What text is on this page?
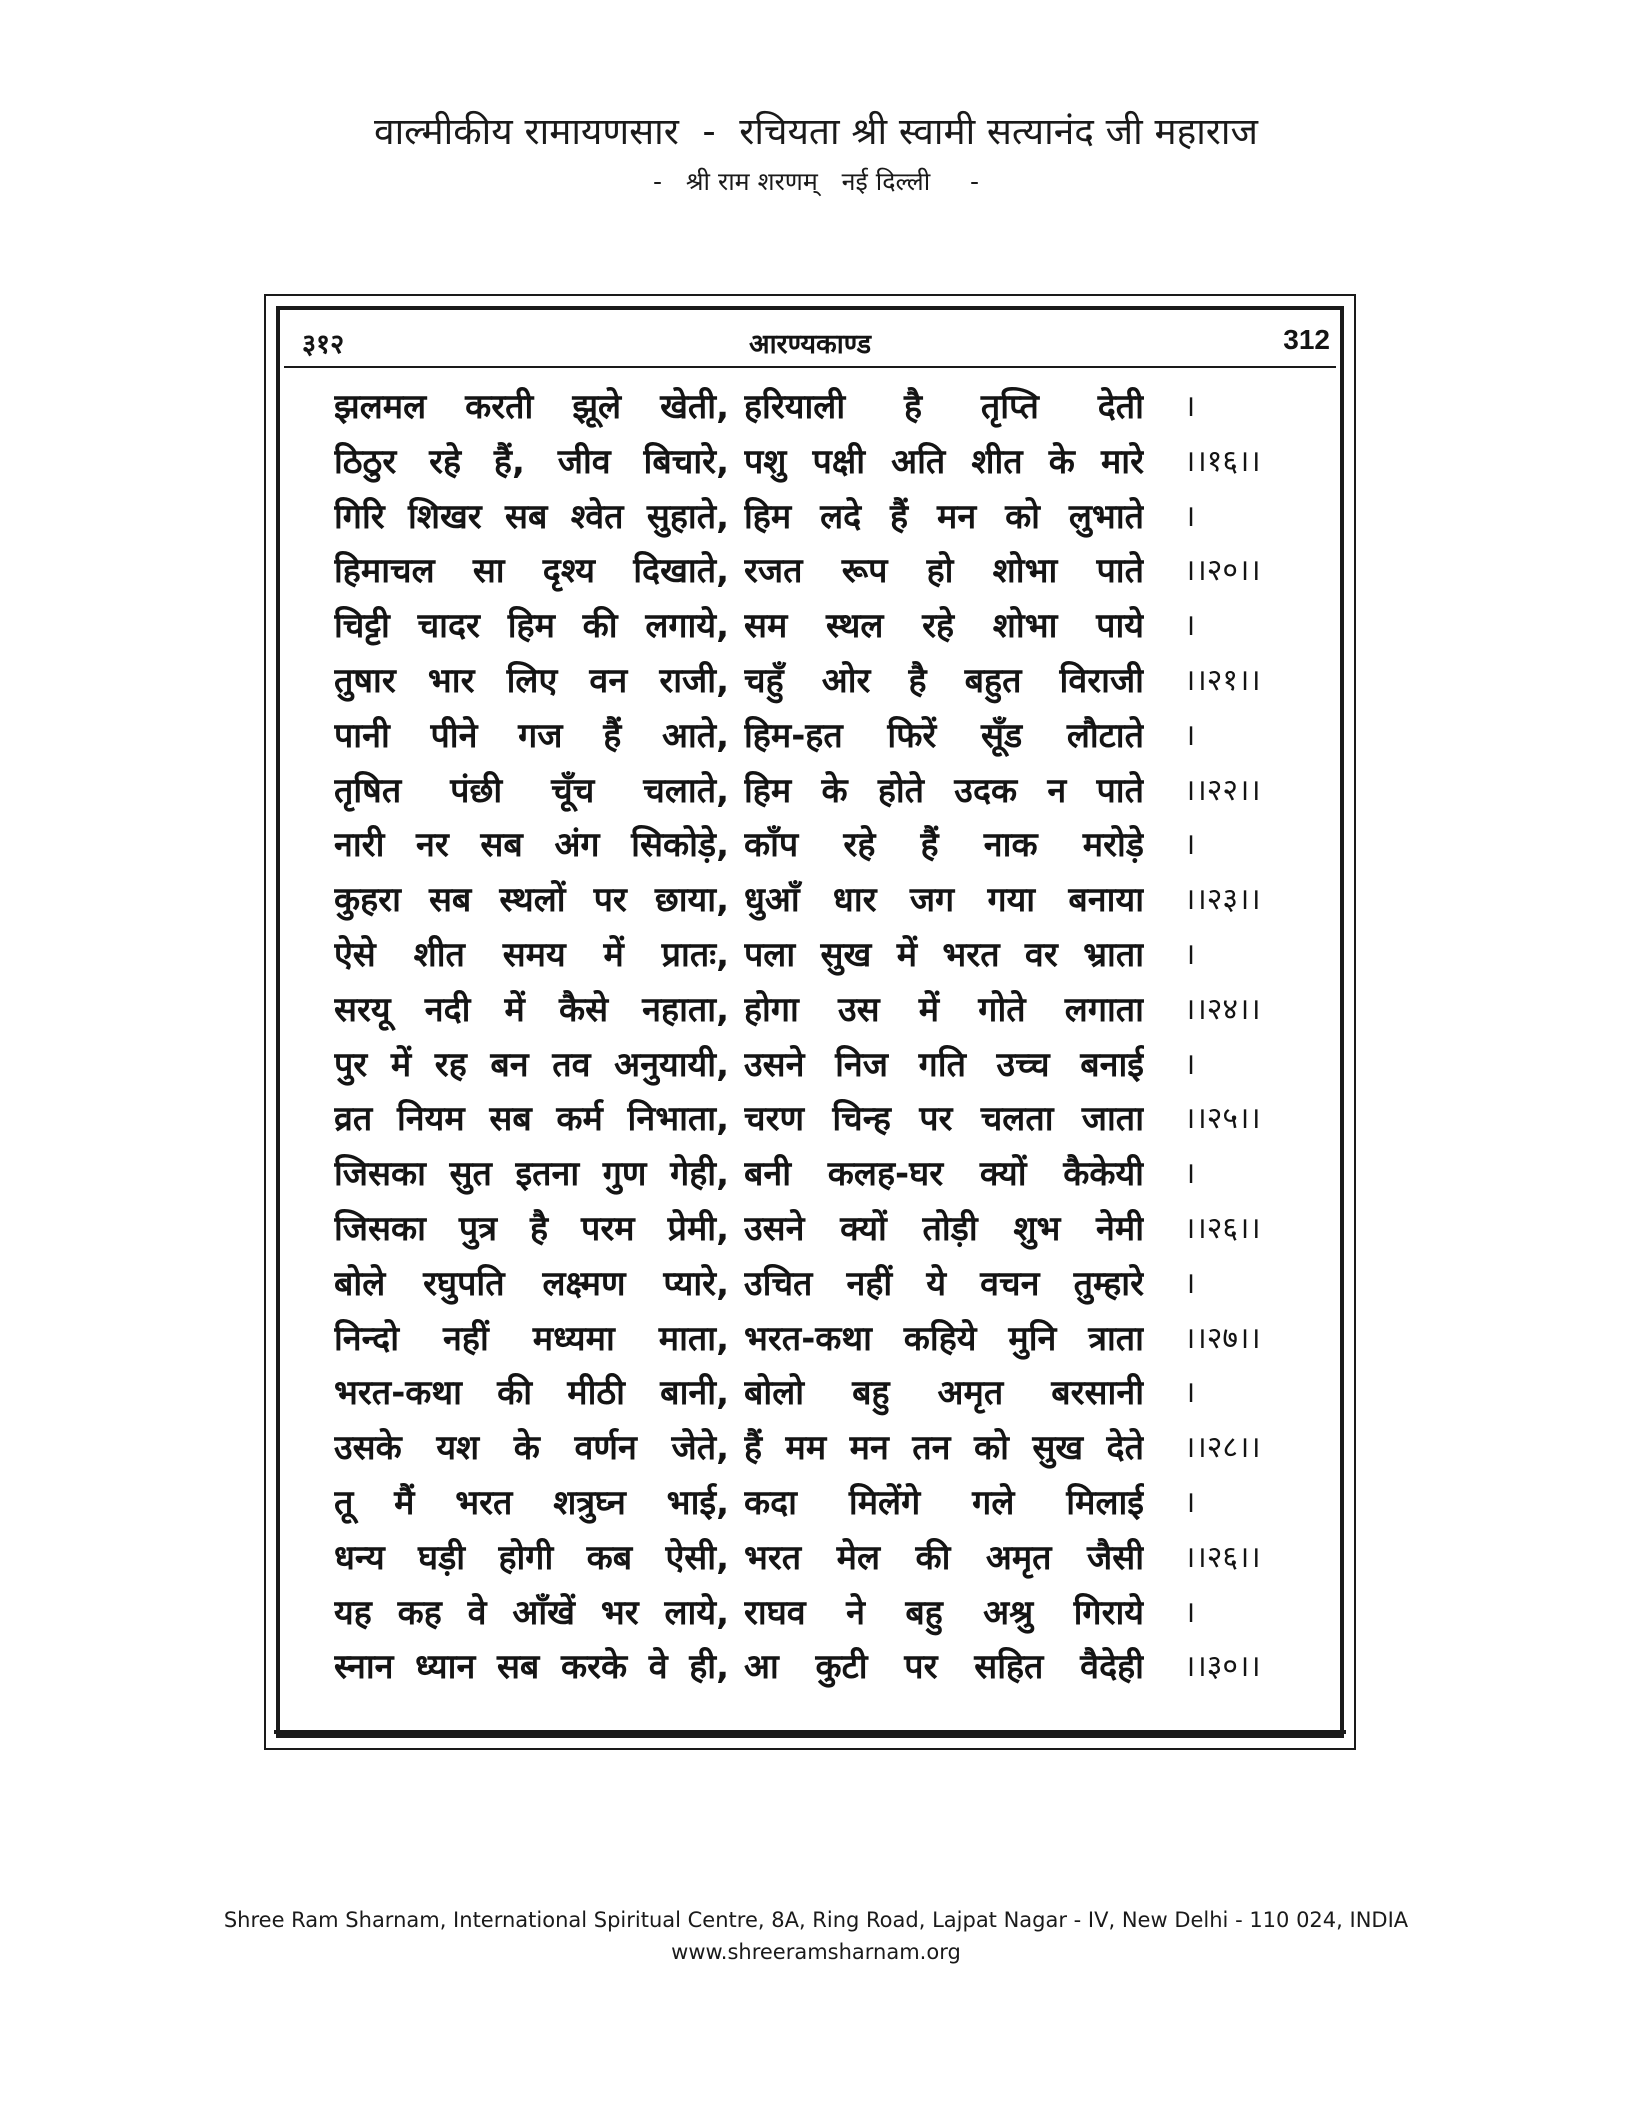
वाल्मीकीय रामायणसार  -  रचियता श्री स्वामी सत्यानंद जी महाराज
-   श्री राम शरणम्   नई दिल्ली     -
३१२	आरण्यकाण्ड	312
झलमल करती झूले खेती, हरियाली है तृप्ति देती ।
ठिठुर रहे हैं, जीव बिचारे, पशु पक्षी अति शीत के मारे ।।१६।।
गिरि शिखर सब श्वेत सुहाते, हिम लदे हैं मन को लुभाते ।
हिमाचल सा दृश्य दिखाते, रजत रूप हो शोभा पाते ।।२०।।
चिट्टी चादर हिम की लगाये, सम स्थल रहे शोभा पाये ।
तुषार भार लिए वन राजी, चहुँ ओर है बहुत विराजी ।।२१।।
पानी पीने गज हैं आते, हिम-हत फिरें सूँड लौटाते ।
तृषित पंछी चूँच चलाते, हिम के होते उदक न पाते ।।२२।।
नारी नर सब अंग सिकोड़े, काँप रहे हैं नाक मरोड़े ।
कुहरा सब स्थलों पर छाया, धुआँ धार जग गया बनाया ।।२३।।
ऐसे शीत समय में प्रातः, पला सुख में भरत वर भ्राता ।
सरयू नदी में कैसे नहाता, होगा उस में गोते लगाता ।।२४।।
पुर में रह बन तव अनुयायी, उसने निज गति उच्च बनाई ।
व्रत नियम सब कर्म निभाता, चरण चिन्ह पर चलता जाता ।।२५।।
जिसका सुत इतना गुण गेही, बनी कलह-घर क्यों कैकेयी ।
जिसका पुत्र है परम प्रेमी, उसने क्यों तोड़ी शुभ नेमी ।।२६।।
बोले रघुपति लक्ष्मण प्यारे, उचित नहीं ये वचन तुम्हारे ।
निन्दो नहीं मध्यमा माता, भरत-कथा कहिये मुनि त्राता ।।२७।।
भरत-कथा की मीठी बानी, बोलो बहु अमृत बरसानी ।
उसके यश के वर्णन जेते, हैं मम मन तन को सुख देते ।।२८।।
तू मैं भरत शत्रुघ्न भाई, कदा मिलेंगे गले मिलाई ।
धन्य घड़ी होगी कब ऐसी, भरत मेल की अमृत जैसी ।।२६।।
यह कह वे आँखें भर लाये, राघव ने बहु अश्रु गिराये ।
स्नान ध्यान सब करके वे ही, आ कुटी पर सहित वैदेही ।।३०।।
Shree Ram Sharnam, International Spiritual Centre, 8A, Ring Road, Lajpat Nagar - IV, New Delhi - 110 024, INDIA
www.shreeramsharnam.org
